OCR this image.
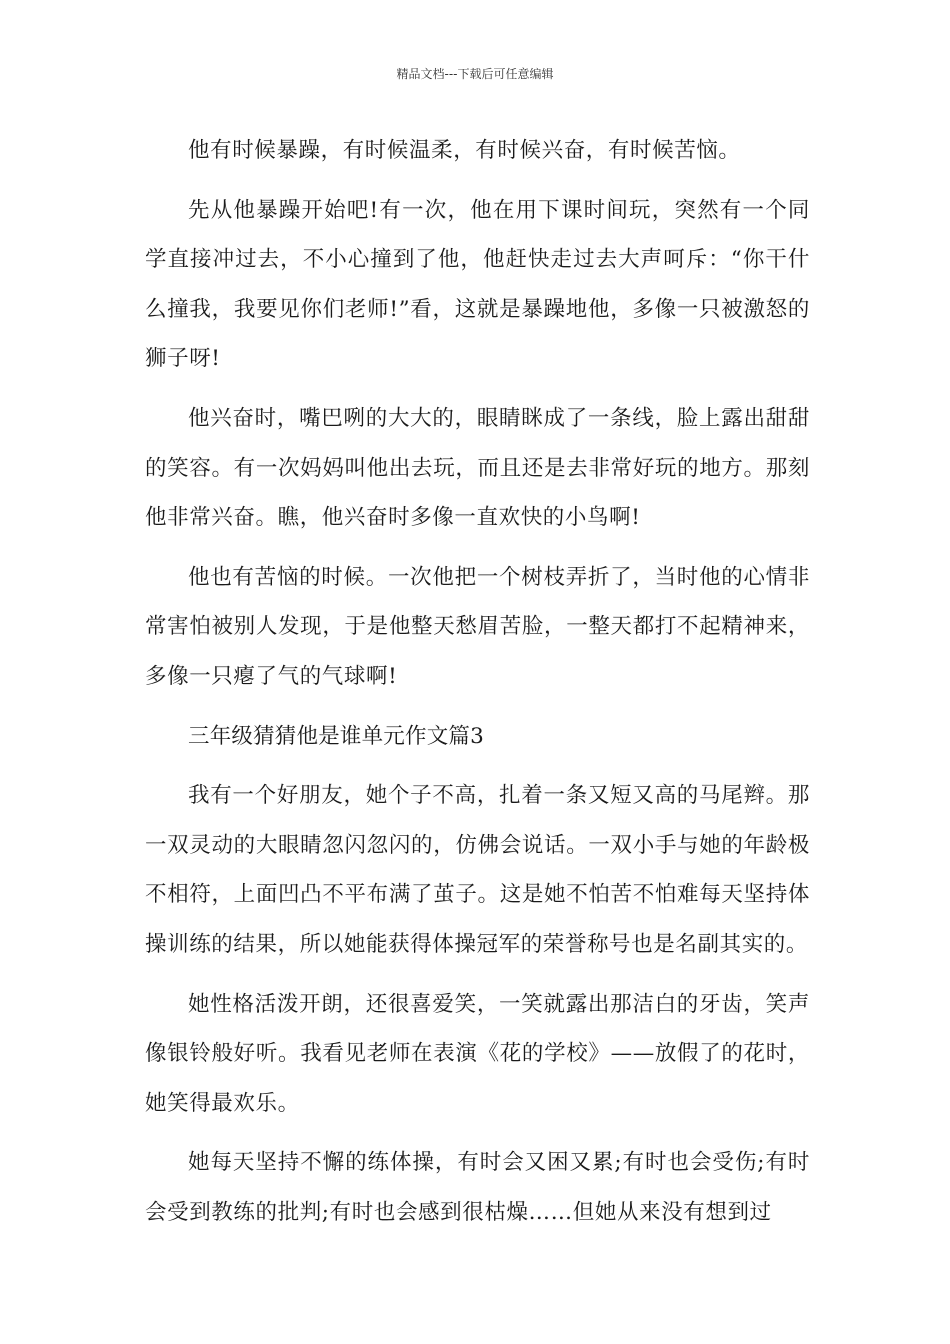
精品文档---下载后可任意编辑

他有时候暴躁，有时候温柔，有时候兴奋，有时候苦恼。

先从他暴躁开始吧!有一次，他在用下课时间玩，突然有一个同学直接冲过去，不小心撞到了他，他赶快走过去大声呵斥：“你干什么撞我，我要见你们老师!”看，这就是暴躁地他，多像一只被激怒的狮子呀!

他兴奋时，嘴巴咧的大大的，眼睛眯成了一条线，脸上露出甜甜的笑容。有一次妈妈叫他出去玩，而且还是去非常好玩的地方。那刻他非常兴奋。瞧，他兴奋时多像一直欢快的小鸟啊!

他也有苦恼的时候。一次他把一个树枝弄折了，当时他的心情非常害怕被别人发现，于是他整天愁眉苦脸，一整天都打不起精神来，多像一只瘪了气的气球啊!

三年级猜猜他是谁单元作文篇3

我有一个好朋友，她个子不高，扎着一条又短又高的马尾辫。那一双灵动的大眼睛忽闪忽闪的，仿佛会说话。一双小手与她的年龄极不相符，上面凹凸不平布满了茧子。这是她不怕苦不怕难每天坚持体操训练的结果，所以她能获得体操冠军的荣誉称号也是名副其实的。

她性格活泼开朗，还很喜爱笑，一笑就露出那洁白的牙齿，笑声像银铃般好听。我看见老师在表演《花的学校》——放假了的花时，她笑得最欢乐。

她每天坚持不懈的练体操，有时会又困又累;有时也会受伤;有时会受到教练的批判;有时也会感到很枯燥……但她从来没有想到过
